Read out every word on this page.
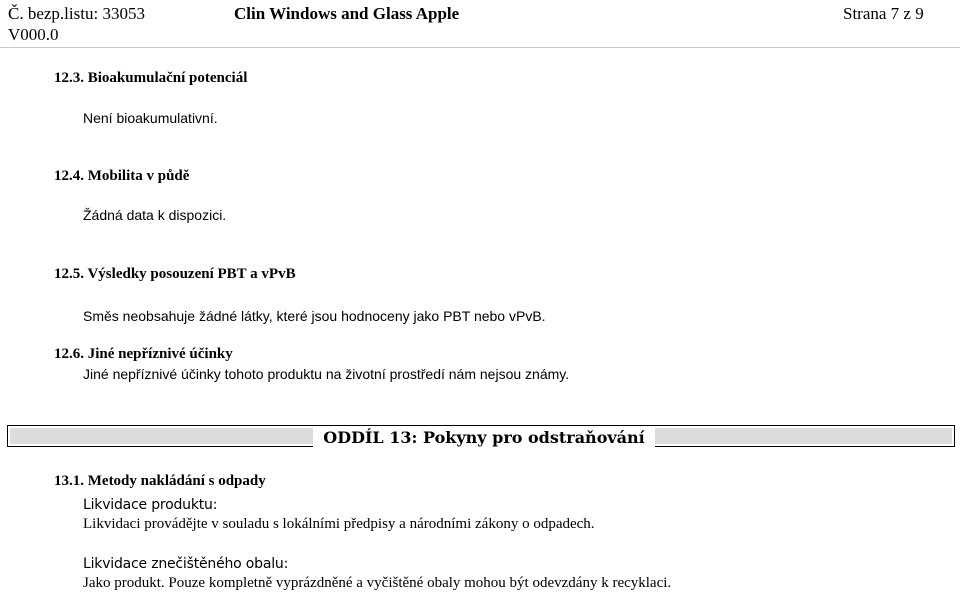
Č. bezp.listu: 33053
V000.0
Clin Windows and Glass Apple	Strana 7 z 9
12.3. Bioakumulační potenciál
Není bioakumulativní.
12.4. Mobilita v půdě
Žádná data k dispozici.
12.5. Výsledky posouzení PBT a vPvB
Směs neobsahuje žádné látky, které jsou hodnoceny jako PBT nebo vPvB.
12.6. Jiné nepříznivé účinky
Jiné nepříznivé účinky tohoto produktu na životní prostředí nám nejsou známy.
ODDÍL 13: Pokyny pro odstraňování
13.1. Metody nakládání s odpady
Likvidace produktu:
Likvidaci provádějte v souladu s lokálními předpisy a národními zákony o odpadech.
Likvidace znečištěného obalu:
Jako produkt. Pouze kompletně vyprázdněné a vyčištěné obaly mohou být odevzdány k recyklaci.
